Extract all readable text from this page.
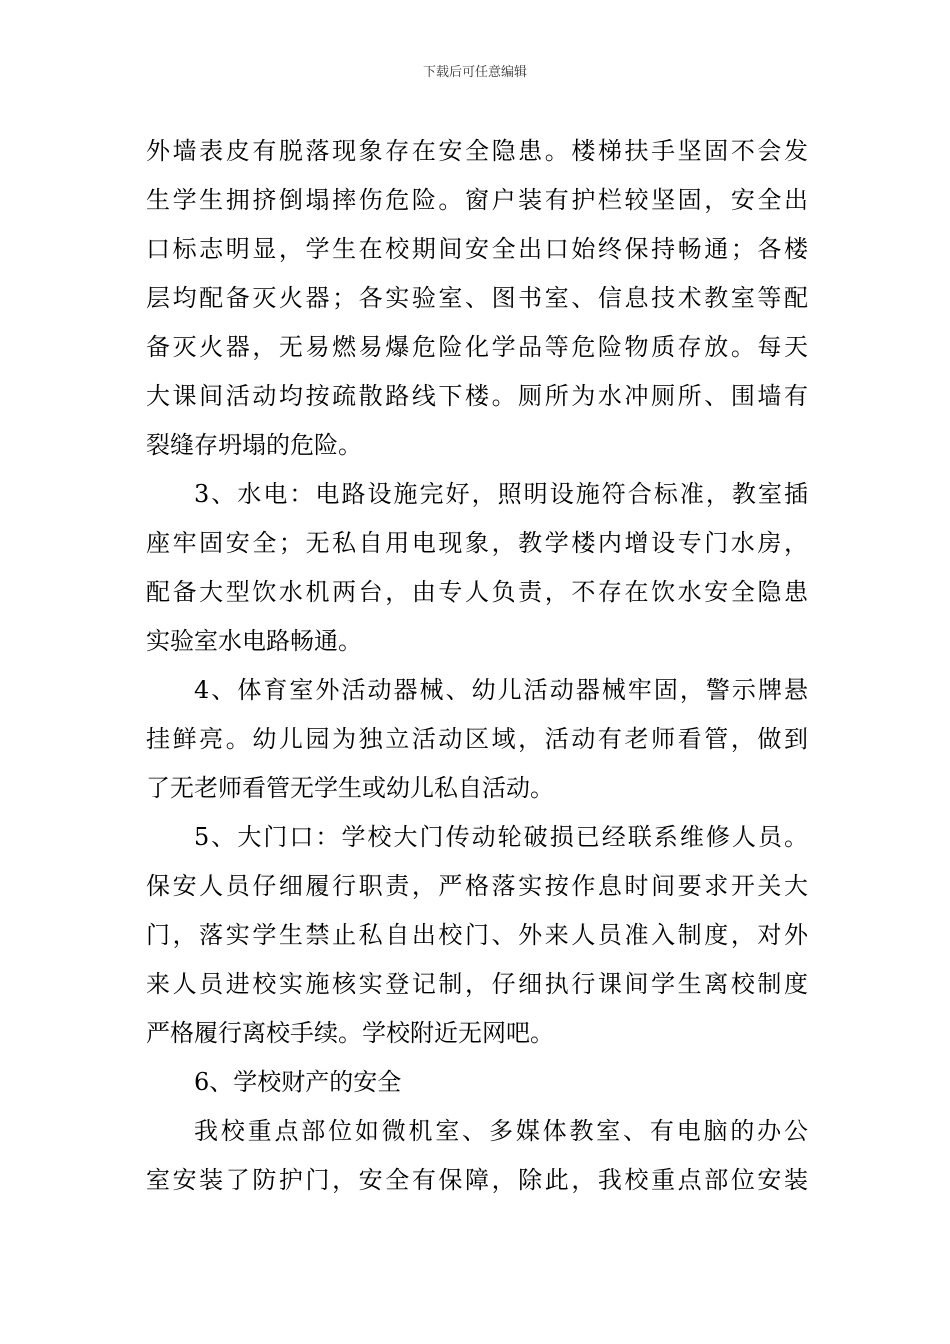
下载后可任意编辑
外墙表皮有脱落现象存在安全隐患。楼梯扶手坚固不会发
生学生拥挤倒塌摔伤危险。窗户装有护栏较坚固，安全出
口标志明显，学生在校期间安全出口始终保持畅通；各楼
层均配备灭火器；各实验室、图书室、信息技术教室等配
备灭火器，无易燃易爆危险化学品等危险物质存放。每天
大课间活动均按疏散路线下楼。厕所为水冲厕所、围墙有
裂缝存坍塌的危险。
3、水电：电路设施完好，照明设施符合标准，教室插
座牢固安全；无私自用电现象，教学楼内增设专门水房，
配备大型饮水机两台，由专人负责，不存在饮水安全隐患
实验室水电路畅通。
4、体育室外活动器械、幼儿活动器械牢固，警示牌悬
挂鲜亮。幼儿园为独立活动区域，活动有老师看管，做到
了无老师看管无学生或幼儿私自活动。
5、大门口：学校大门传动轮破损已经联系维修人员。
保安人员仔细履行职责，严格落实按作息时间要求开关大
门，落实学生禁止私自出校门、外来人员准入制度，对外
来人员进校实施核实登记制，仔细执行课间学生离校制度
严格履行离校手续。学校附近无网吧。
6、学校财产的安全
我校重点部位如微机室、多媒体教室、有电脑的办公
室安装了防护门，安全有保障，除此，我校重点部位安装
